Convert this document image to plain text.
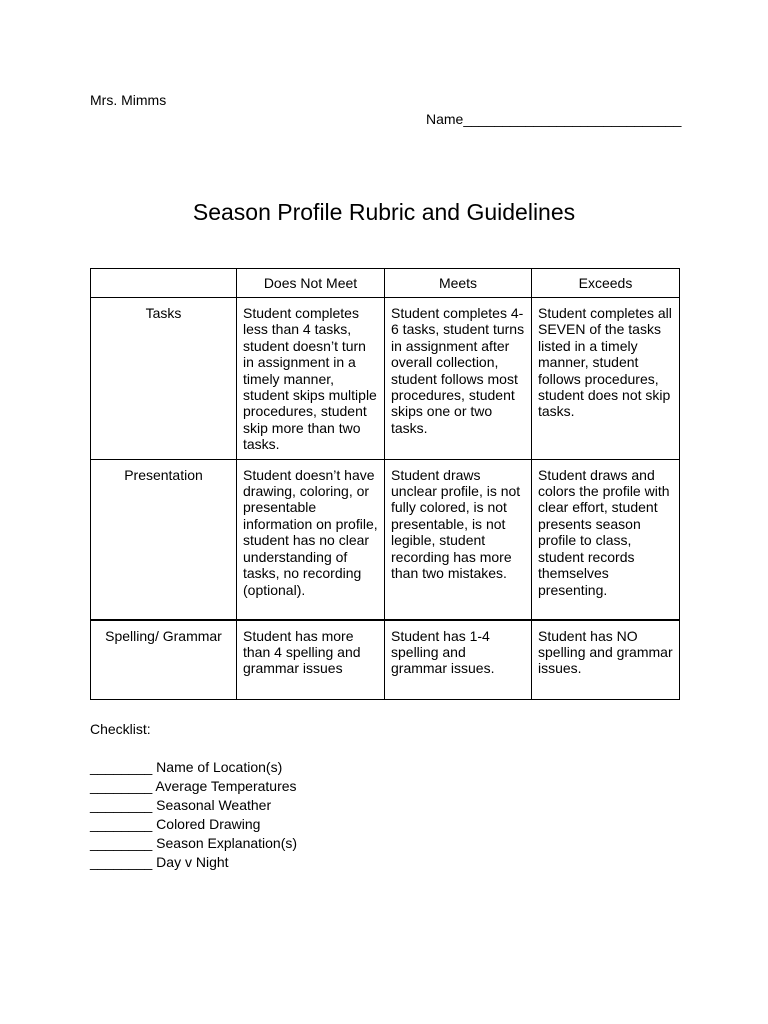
Mrs. Mimms
Name____________________________
Season Profile Rubric and Guidelines
	Does Not Meet	Meets	Exceeds
Tasks	Student completes less than 4 tasks, student doesn’t turn in assignment in a timely manner, student skips multiple procedures, student skip more than two tasks.	Student completes 4-6 tasks, student turns in assignment after overall collection, student follows most procedures, student skips one or two tasks.	Student completes all SEVEN of the tasks listed in a timely manner, student follows procedures, student does not skip tasks.
Presentation	Student doesn’t have drawing, coloring, or presentable information on profile, student has no clear understanding of tasks, no recording (optional).	Student draws unclear profile, is not fully colored, is not presentable, is not legible, student recording has more than two mistakes.	Student draws and colors the profile with clear effort, student presents season profile to class, student records themselves presenting.
Spelling/ Grammar	Student has more than 4 spelling and grammar issues	Student has 1-4 spelling and grammar issues.	Student has NO spelling and grammar issues.
Checklist:
________ Name of Location(s)
________ Average Temperatures
________ Seasonal Weather
________ Colored Drawing
________ Season Explanation(s)
________ Day v Night
